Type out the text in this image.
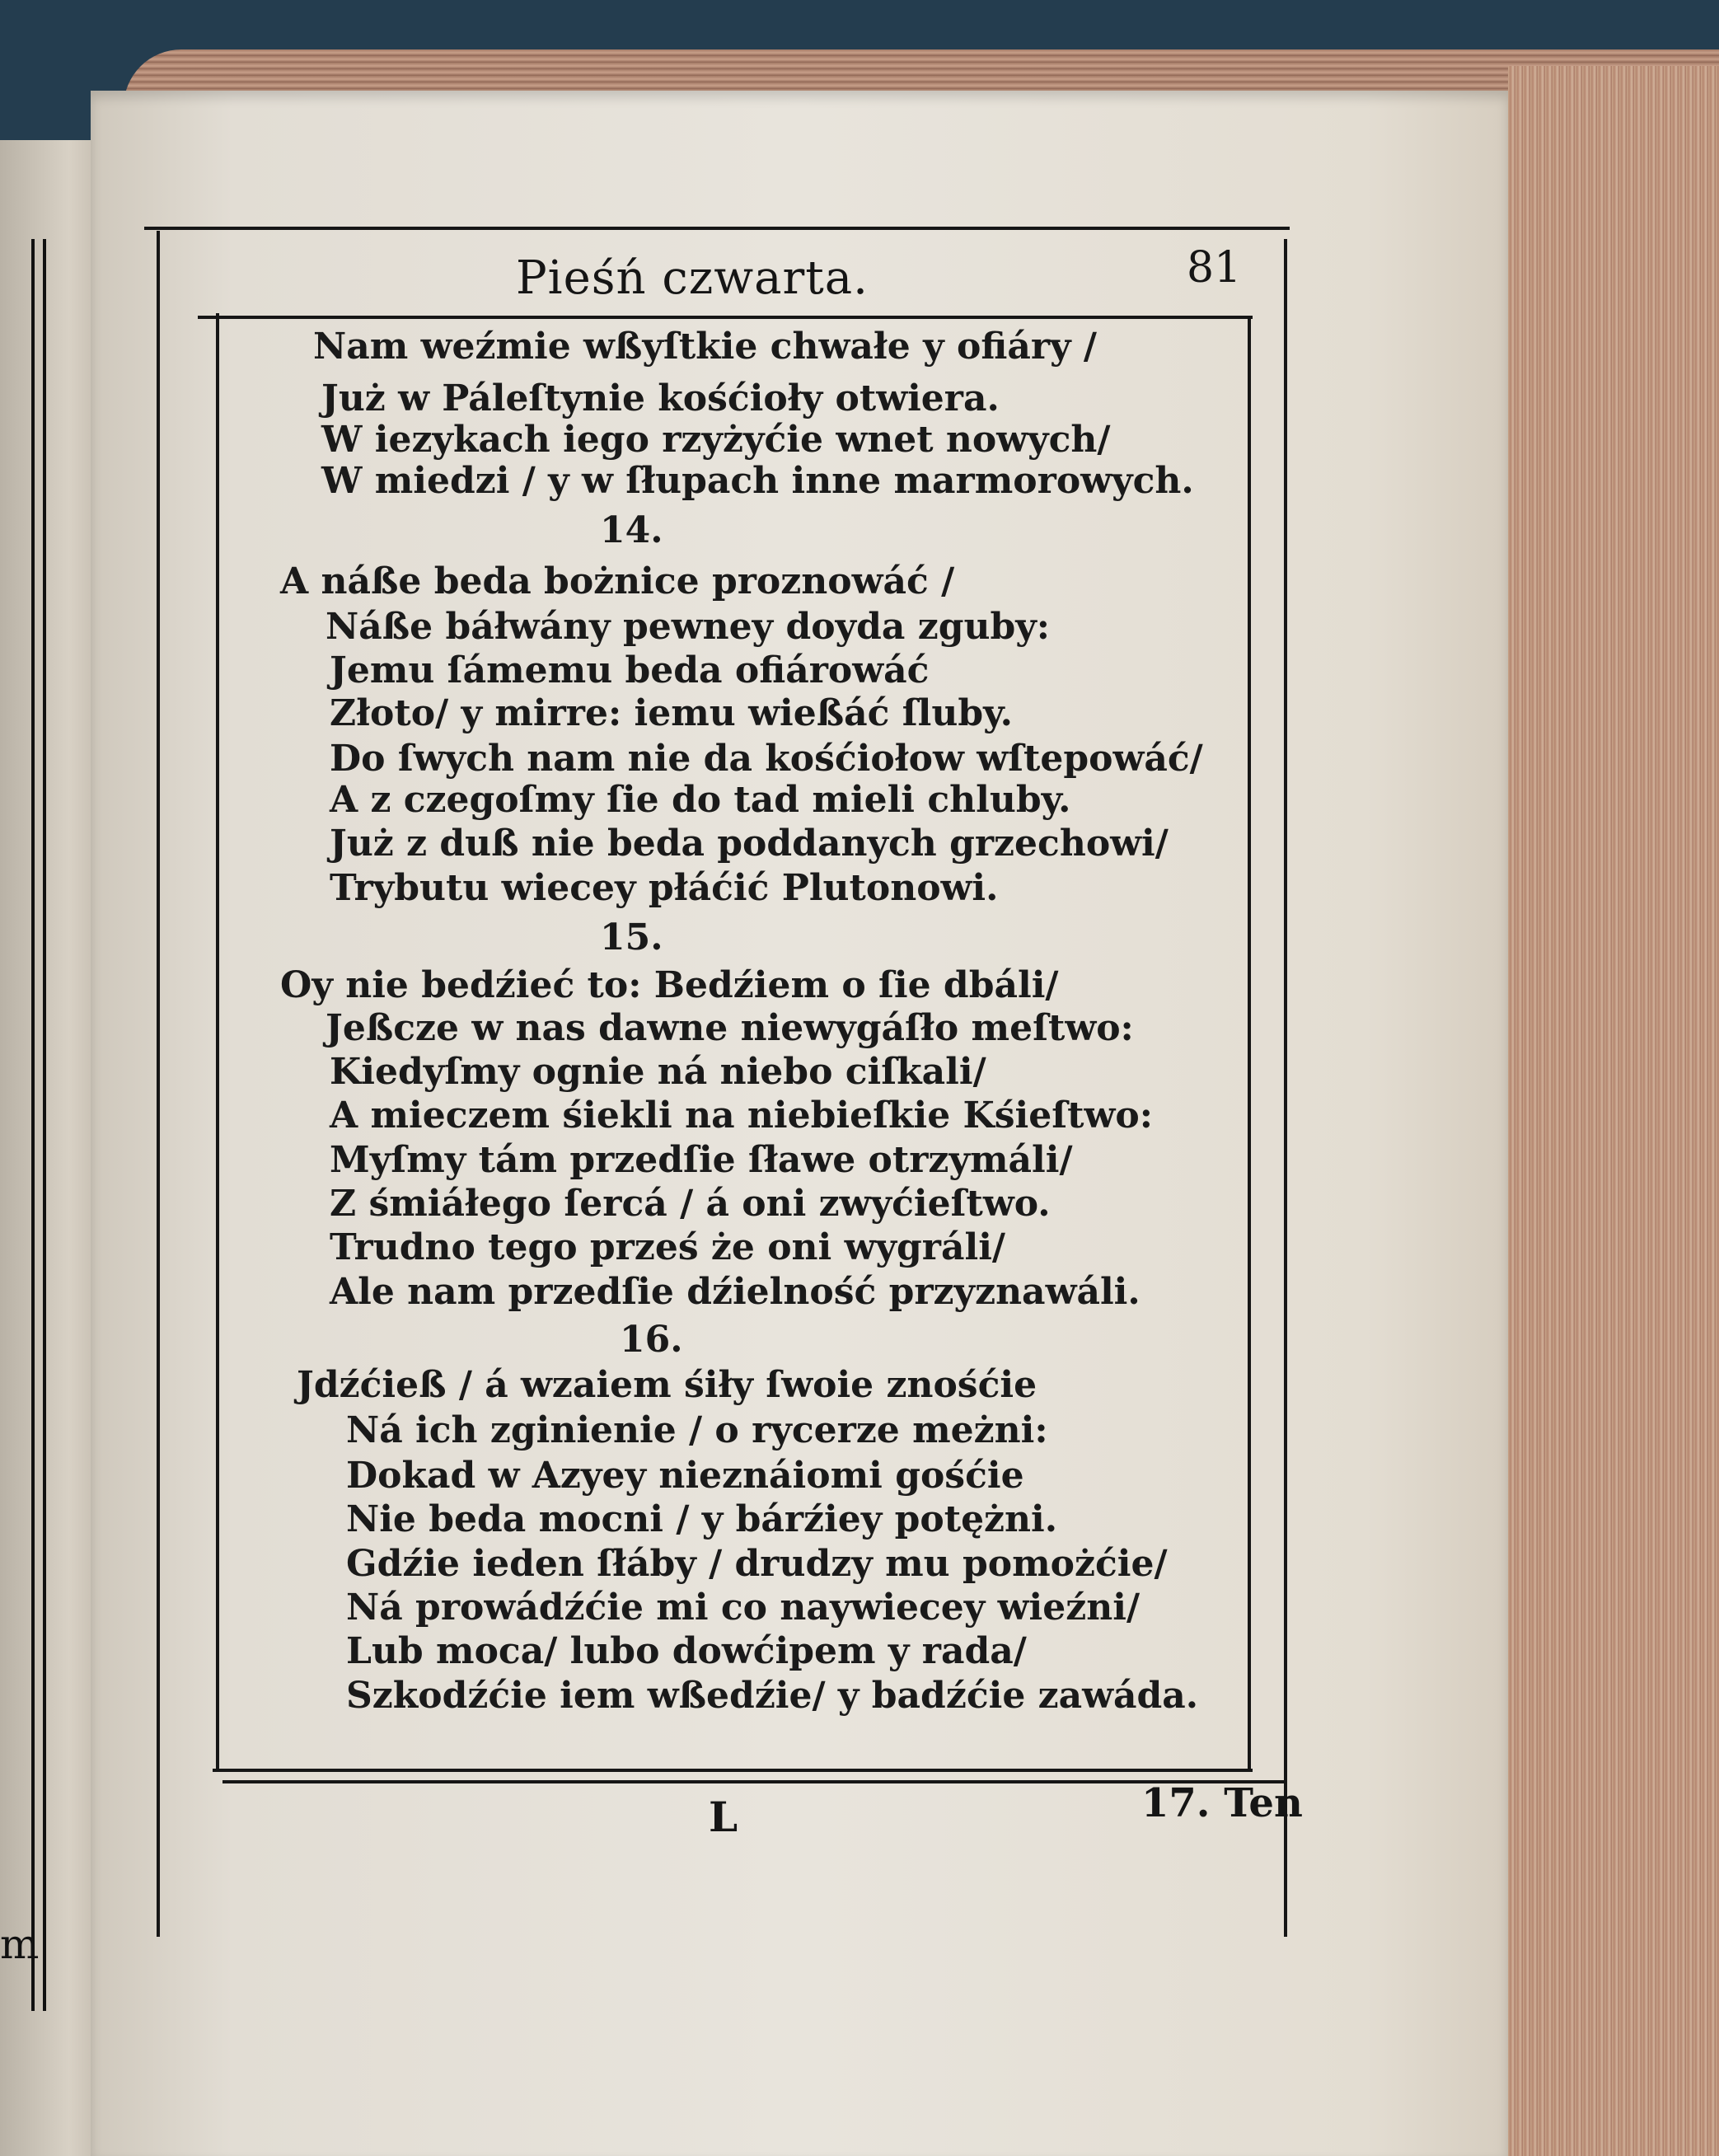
m
Pieśń czwarta.	81
Nam weźmie wßyſtkie chwałe y ofiáry /
Już w Páleſtynie kośćioły otwiera.
W iezykach iego rzyżyćie wnet nowych/
W miedzi / y w ſłupach inne marmorowych.
14.
A náße beda bożnice proznowáć /
Náße báłwány pewney doyda zguby:
Jemu ſámemu beda ofiárowáć
Złoto/ y mirre: iemu wießáć ſluby.
Do ſwych nam nie da kośćiołow wſtepowáć/
A z czegoſmy ſie do tad mieli chluby.
Już z duß nie beda poddanych grzechowi/
Trybutu wiecey płáćić Plutonowi.
15.
Oy nie bedźieć to: Bedźiem o ſie dbáli/
Jeßcze w nas dawne niewygáſło meſtwo:
Kiedyſmy ognie ná niebo ciſkali/
A mieczem śiekli na niebieſkie Kśieſtwo:
Myſmy tám przedſie ſławe otrzymáli/
Z śmiáłego ſercá / á oni zwyćieſtwo.
Trudno tego prześ że oni wygráli/
Ale nam przedſie dźielność przyznawáli.
16.
Jdźćieß / á wzaiem śiły ſwoie znośćie
Ná ich zginienie / o rycerze meżni:
Dokad w Azyey nieznáiomi gośćie
Nie beda mocni / y bárźiey potężni.
Gdźie ieden ſłáby / drudzy mu pomożćie/
Ná prowádźćie mi co naywiecey wieźni/
Lub moca/ lubo dowćipem y rada/
Szkodźćie iem wßedźie/ y badźćie zawáda.
L	17. Ten
